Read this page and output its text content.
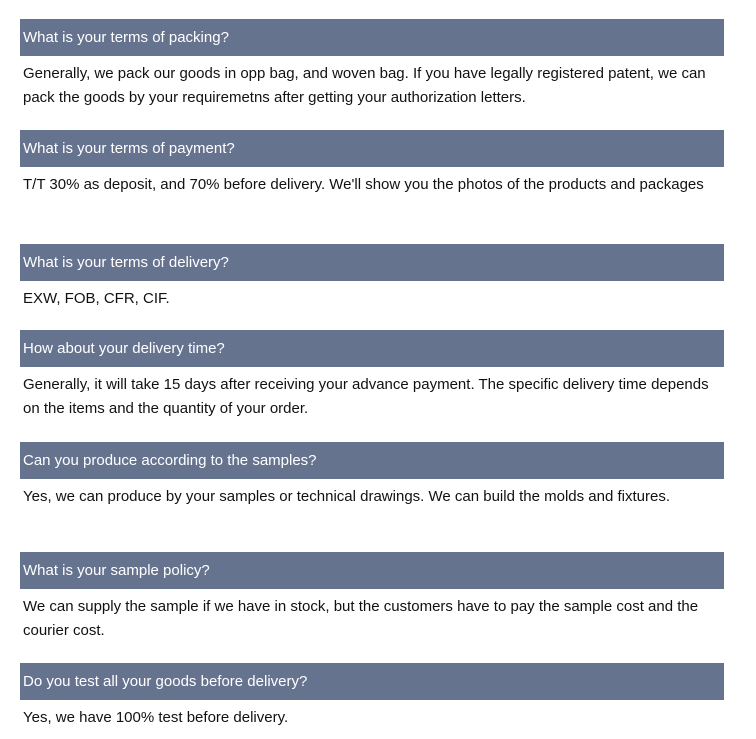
What is your terms of packing?

Generally, we pack our goods in opp bag, and woven bag. If you have legally registered patent, we can pack the goods by your requiremetns after getting your authorization letters.

What is your terms of payment?

T/T 30% as deposit, and 70% before delivery. We'll show you the photos of the products and packages

What is your terms of delivery?

EXW, FOB, CFR, CIF.

How about your delivery time?

Generally, it will take 15 days after receiving your advance payment. The specific delivery time depends on the items and the quantity of your order.

Can you produce according to the samples?

Yes, we can produce by your samples or technical drawings. We can build the molds and fixtures.

What is your sample policy?

We can supply the sample if we have in stock, but the customers have to pay the sample cost and the courier cost.

Do you test all your goods before delivery?

Yes, we have 100% test before delivery.
